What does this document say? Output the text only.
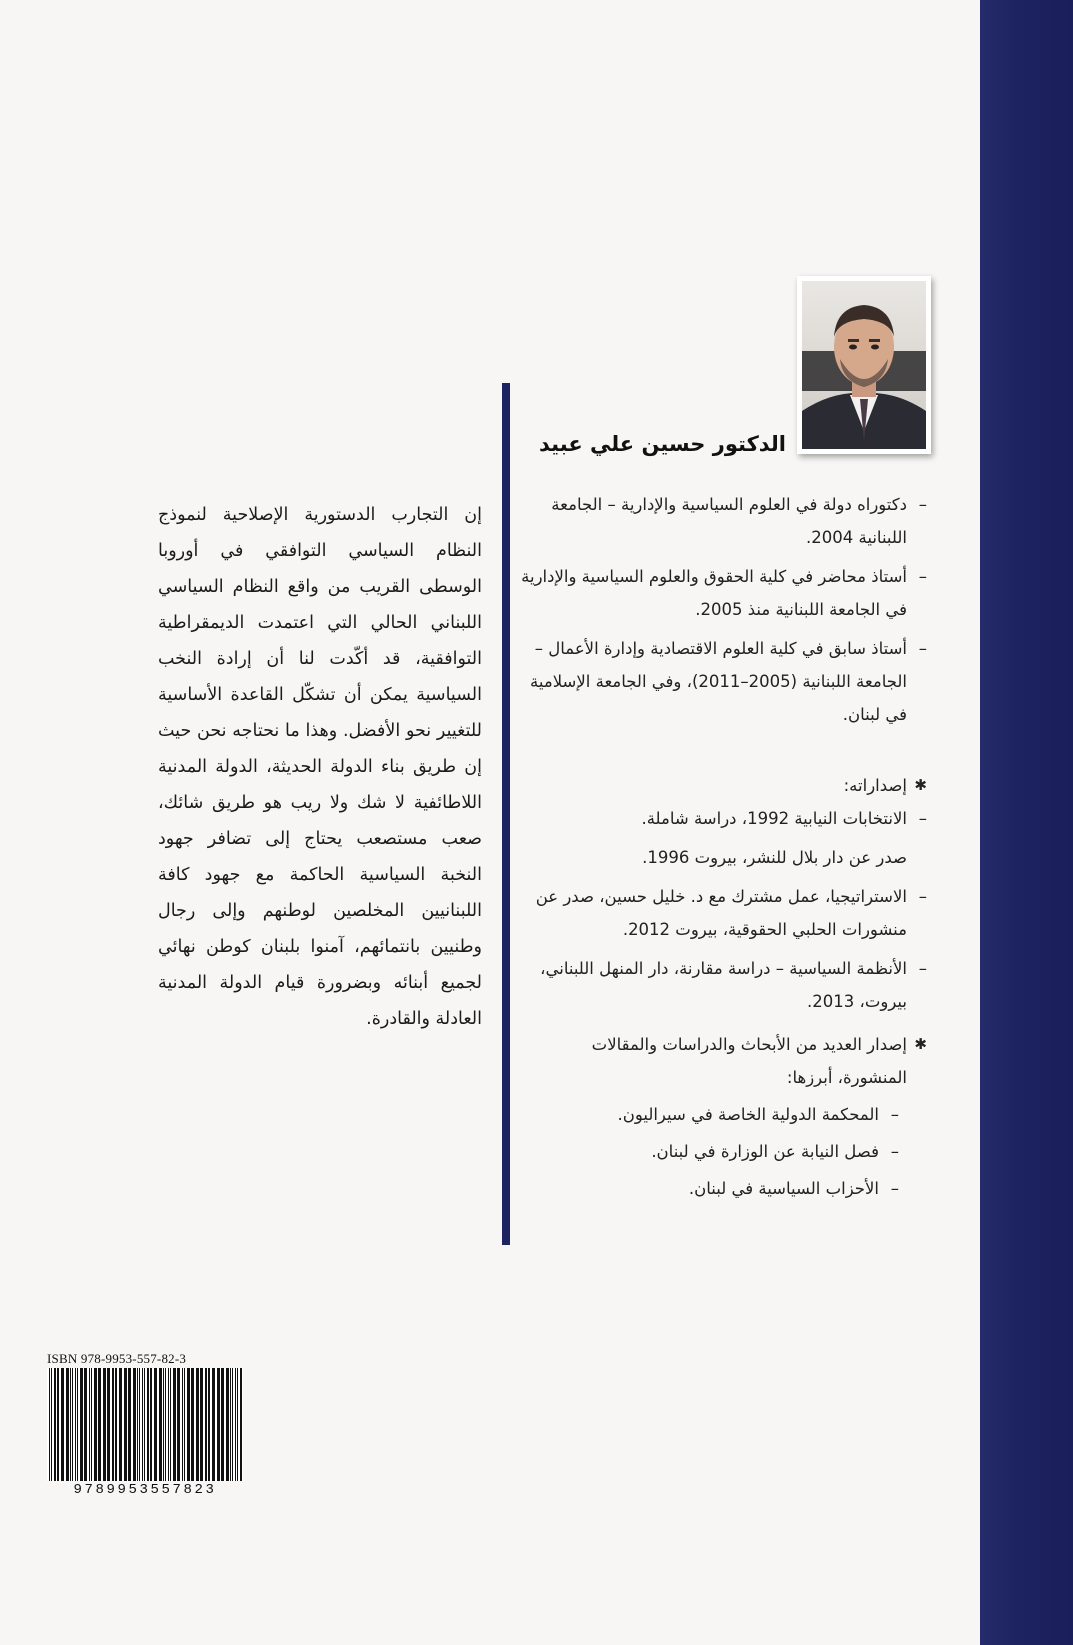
الدكتور حسين علي عبيد
–
دكتوراه دولة في العلوم السياسية والإدارية – الجامعة اللبنانية 2004.
–
أستاذ محاضر في كلية الحقوق والعلوم السياسية والإدارية في الجامعة اللبنانية منذ 2005.
–
أستاذ سابق في كلية العلوم الاقتصادية وإدارة الأعمال – الجامعة اللبنانية (2005–2011)، وفي الجامعة الإسلامية في لبنان.
✱
إصداراته:
–
الانتخابات النيابية 1992، دراسة شاملة.
صدر عن دار بلال للنشر، بيروت 1996.
–
الاستراتيجيا، عمل مشترك مع د. خليل حسين، صدر عن منشورات الحلبي الحقوقية، بيروت 2012.
–
الأنظمة السياسية – دراسة مقارنة، دار المنهل اللبناني، بيروت، 2013.
✱
إصدار العديد من الأبحاث والدراسات والمقالات المنشورة، أبرزها:
–
المحكمة الدولية الخاصة في سيراليون.
–
فصل النيابة عن الوزارة في لبنان.
–
الأحزاب السياسية في لبنان.
إن التجارب الدستورية الإصلاحية لنموذج النظام السياسي التوافقي في أوروبا الوسطى القريب من واقع النظام السياسي اللبناني الحالي التي اعتمدت الديمقراطية التوافقية، قد أكّدت لنا أن إرادة النخب السياسية يمكن أن تشكّل القاعدة الأساسية للتغيير نحو الأفضل. وهذا ما نحتاجه نحن حيث إن طريق بناء الدولة الحديثة، الدولة المدنية اللاطائفية لا شك ولا ريب هو طريق شائك، صعب مستصعب يحتاج إلى تضافر جهود النخبة السياسية الحاكمة مع جهود كافة اللبنانيين المخلصين لوطنهم وإلى رجال وطنيين بانتمائهم، آمنوا بلبنان كوطن نهائي لجميع أبنائه وبضرورة قيام الدولة المدنية العادلة والقادرة.
ISBN 978-9953-557-82-3
9789953557823
